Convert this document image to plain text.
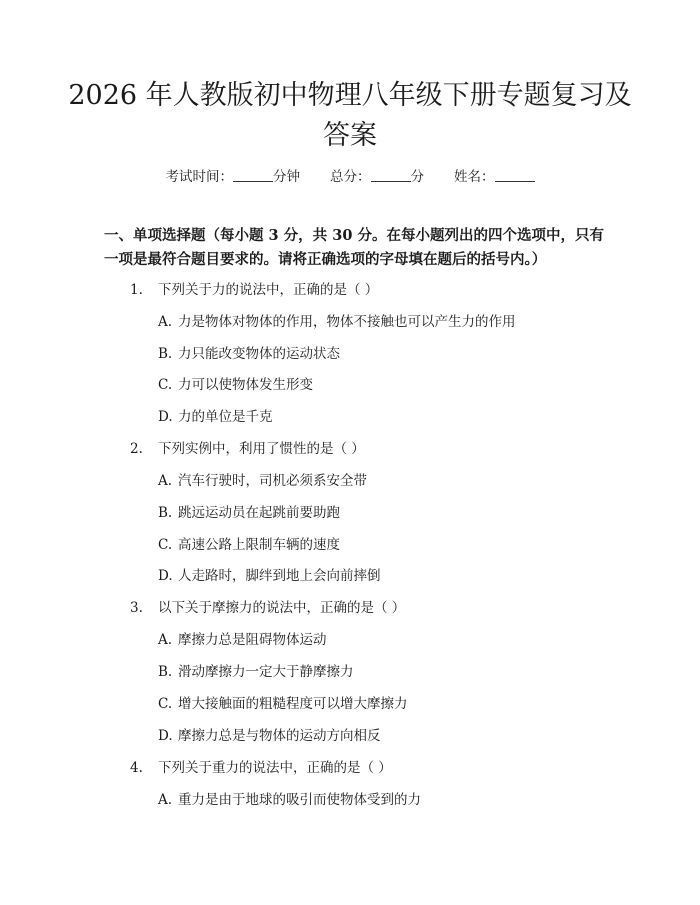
2026 年人教版初中物理八年级下册专题复习及答案
考试时间：	分钟 总分：	分 姓名：

一、单项选择题（每小题 3 分，共 30 分。在每小题列出的四个选项中，只有一项是最符合题目要求的。请将正确选项的字母填在题后的括号内。）

1. 下列关于力的说法中，正确的是（ ）
A. 力是物体对物体的作用，物体不接触也可以产生力的作用
B. 力只能改变物体的运动状态
C. 力可以使物体发生形变
D. 力的单位是千克
2. 下列实例中，利用了惯性的是（ ）
A. 汽车行驶时，司机必须系安全带
B. 跳远运动员在起跳前要助跑
C. 高速公路上限制车辆的速度
D. 人走路时，脚绊到地上会向前摔倒
3. 以下关于摩擦力的说法中，正确的是（ ）
A. 摩擦力总是阻碍物体运动
B. 滑动摩擦力一定大于静摩擦力
C. 增大接触面的粗糙程度可以增大摩擦力
D. 摩擦力总是与物体的运动方向相反
4. 下列关于重力的说法中，正确的是（ ）
A. 重力是由于地球的吸引而使物体受到的力
